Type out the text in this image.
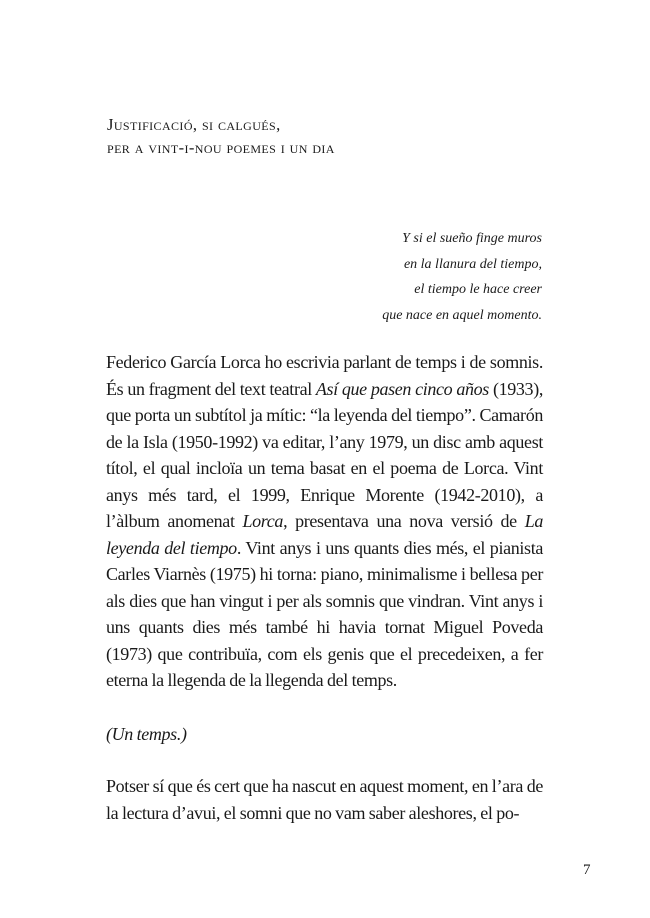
Justificació, si calgués,
per a vint-i-nou poemes i un dia
Y si el sueño finge muros
en la llanura del tiempo,
el tiempo le hace creer
que nace en aquel momento.

Federico García Lorca ho escrivia parlant de temps i de somnis. És un fragment del text teatral Así que pasen cinco años (1933), que porta un subtítol ja mític: “la leyenda del tiempo”. Camarón de la Isla (1950-1992) va editar, l’any 1979, un disc amb aquest títol, el qual incloïa un tema basat en el poema de Lorca. Vint anys més tard, el 1999, Enrique Morente (1942-2010), a l’àlbum anomenat Lorca, presentava una nova versió de La leyenda del tiempo. Vint anys i uns quants dies més, el pianista Carles Viarnès (1975) hi torna: piano, minimalisme i bellesa per als dies que han vingut i per als somnis que vindran. Vint anys i uns quants dies més també hi havia tornat Miguel Poveda (1973) que contribuïa, com els genis que el precedeixen, a fer eterna la llegenda de la llegenda del temps.

(Un temps.)

Potser sí que és cert que ha nascut en aquest moment, en l’ara de la lectura d’avui, el somni que no vam saber aleshores, el po-

7
